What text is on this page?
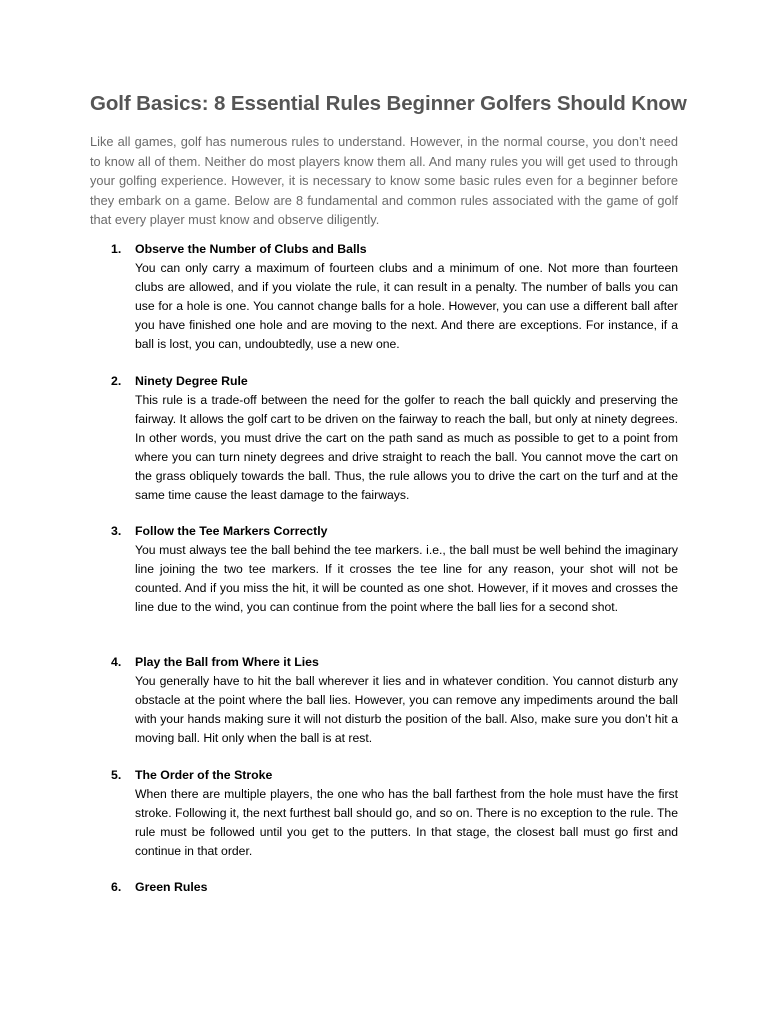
Golf Basics: 8 Essential Rules Beginner Golfers Should Know

Like all games, golf has numerous rules to understand. However, in the normal course, you don’t need to know all of them. Neither do most players know them all. And many rules you will get used to through your golfing experience. However, it is necessary to know some basic rules even for a beginner before they embark on a game. Below are 8 fundamental and common rules associated with the game of golf that every player must know and observe diligently.

1. Observe the Number of Clubs and Balls

You can only carry a maximum of fourteen clubs and a minimum of one. Not more than fourteen clubs are allowed, and if you violate the rule, it can result in a penalty. The number of balls you can use for a hole is one. You cannot change balls for a hole. However, you can use a different ball after you have finished one hole and are moving to the next. And there are exceptions. For instance, if a ball is lost, you can, undoubtedly, use a new one.

2. Ninety Degree Rule

This rule is a trade-off between the need for the golfer to reach the ball quickly and preserving the fairway. It allows the golf cart to be driven on the fairway to reach the ball, but only at ninety degrees. In other words, you must drive the cart on the path sand as much as possible to get to a point from where you can turn ninety degrees and drive straight to reach the ball. You cannot move the cart on the grass obliquely towards the ball. Thus, the rule allows you to drive the cart on the turf and at the same time cause the least damage to the fairways.

3. Follow the Tee Markers Correctly

You must always tee the ball behind the tee markers. i.e., the ball must be well behind the imaginary line joining the two tee markers. If it crosses the tee line for any reason, your shot will not be counted. And if you miss the hit, it will be counted as one shot. However, if it moves and crosses the line due to the wind, you can continue from the point where the ball lies for a second shot.

4. Play the Ball from Where it Lies

You generally have to hit the ball wherever it lies and in whatever condition. You cannot disturb any obstacle at the point where the ball lies. However, you can remove any impediments around the ball with your hands making sure it will not disturb the position of the ball. Also, make sure you don’t hit a moving ball. Hit only when the ball is at rest.

5. The Order of the Stroke

When there are multiple players, the one who has the ball farthest from the hole must have the first stroke. Following it, the next furthest ball should go, and so on. There is no exception to the rule. The rule must be followed until you get to the putters. In that stage, the closest ball must go first and continue in that order.

6. Green Rules
